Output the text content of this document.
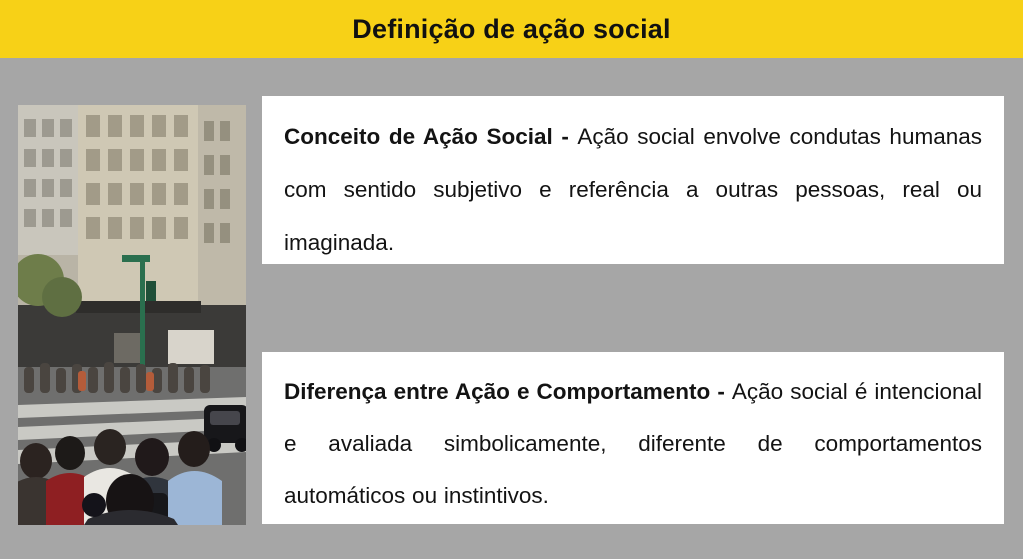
Definição de ação social

Conceito de Ação Social - Ação social envolve condutas humanas com sentido subjetivo e referência a outras pessoas, real ou imaginada.

Diferença entre Ação e Comportamento - Ação social é intencional e avaliada simbolicamente, diferente de comportamentos automáticos ou instintivos.
